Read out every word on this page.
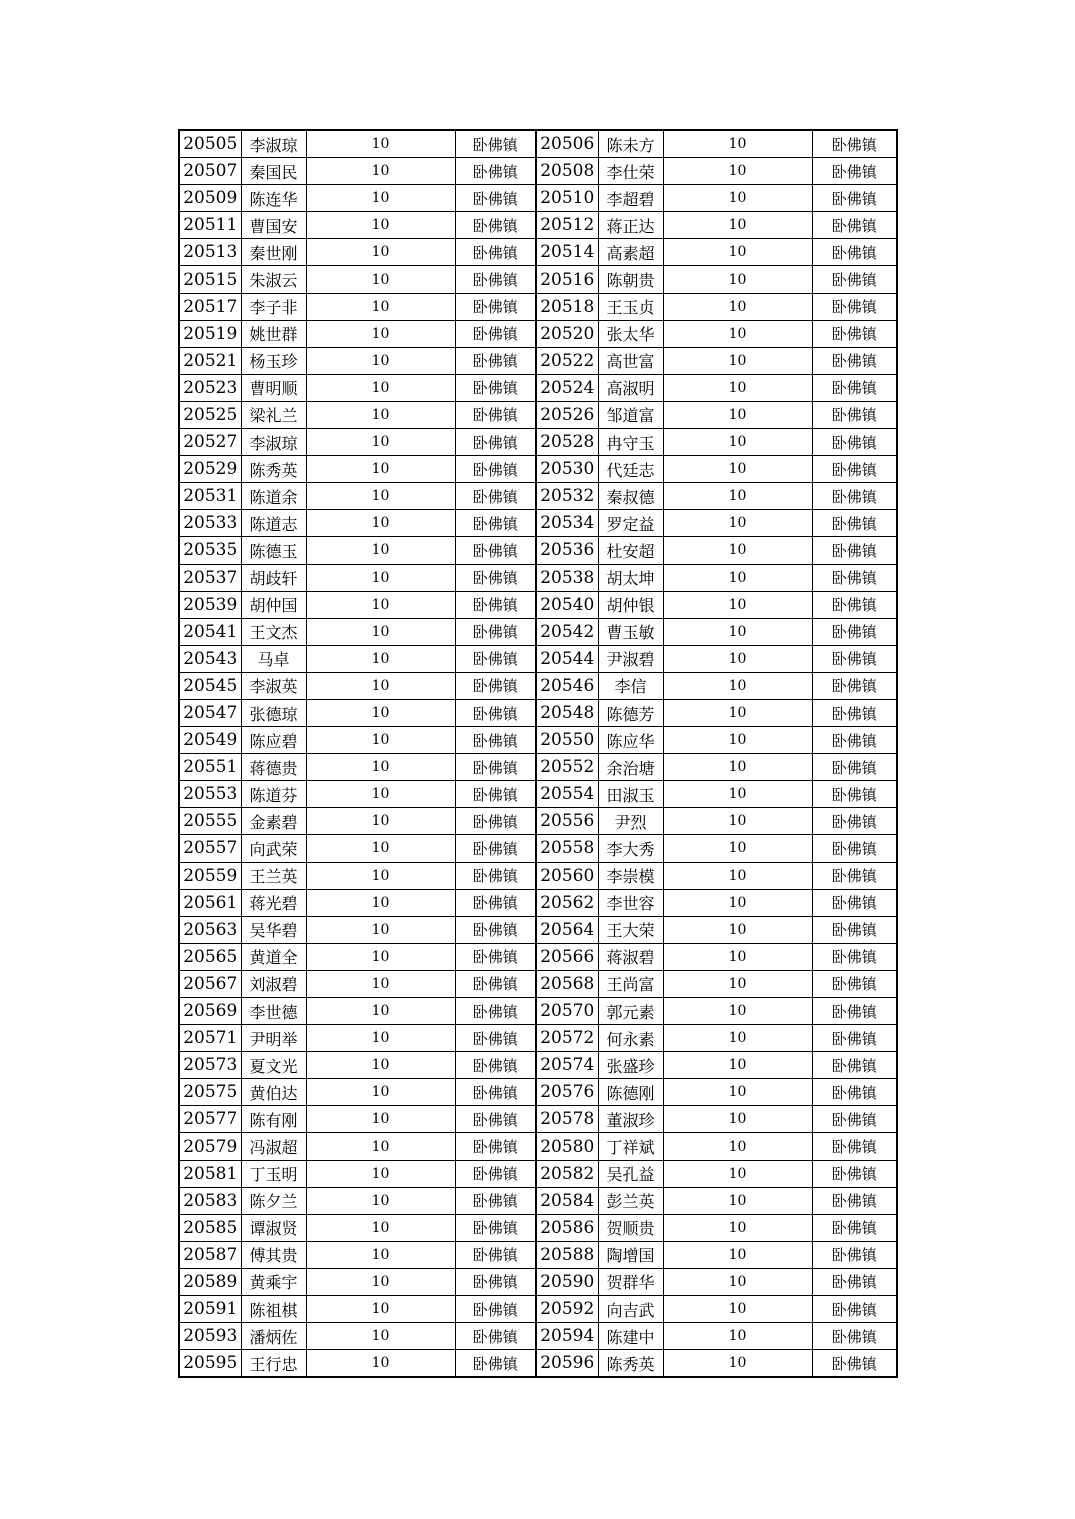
20505	李淑琼	10	卧佛镇	20506	陈未方	10	卧佛镇
20507	秦国民	10	卧佛镇	20508	李仕荣	10	卧佛镇
20509	陈连华	10	卧佛镇	20510	李超碧	10	卧佛镇
20511	曹国安	10	卧佛镇	20512	蒋正达	10	卧佛镇
20513	秦世刚	10	卧佛镇	20514	高素超	10	卧佛镇
20515	朱淑云	10	卧佛镇	20516	陈朝贵	10	卧佛镇
20517	李子非	10	卧佛镇	20518	王玉贞	10	卧佛镇
20519	姚世群	10	卧佛镇	20520	张太华	10	卧佛镇
20521	杨玉珍	10	卧佛镇	20522	高世富	10	卧佛镇
20523	曹明顺	10	卧佛镇	20524	高淑明	10	卧佛镇
20525	梁礼兰	10	卧佛镇	20526	邹道富	10	卧佛镇
20527	李淑琼	10	卧佛镇	20528	冉守玉	10	卧佛镇
20529	陈秀英	10	卧佛镇	20530	代廷志	10	卧佛镇
20531	陈道余	10	卧佛镇	20532	秦叔德	10	卧佛镇
20533	陈道志	10	卧佛镇	20534	罗定益	10	卧佛镇
20535	陈德玉	10	卧佛镇	20536	杜安超	10	卧佛镇
20537	胡歧轩	10	卧佛镇	20538	胡太坤	10	卧佛镇
20539	胡仲国	10	卧佛镇	20540	胡仲银	10	卧佛镇
20541	王文杰	10	卧佛镇	20542	曹玉敏	10	卧佛镇
20543	马卓	10	卧佛镇	20544	尹淑碧	10	卧佛镇
20545	李淑英	10	卧佛镇	20546	李信	10	卧佛镇
20547	张德琼	10	卧佛镇	20548	陈德芳	10	卧佛镇
20549	陈应碧	10	卧佛镇	20550	陈应华	10	卧佛镇
20551	蒋德贵	10	卧佛镇	20552	余治塘	10	卧佛镇
20553	陈道芬	10	卧佛镇	20554	田淑玉	10	卧佛镇
20555	金素碧	10	卧佛镇	20556	尹烈	10	卧佛镇
20557	向武荣	10	卧佛镇	20558	李大秀	10	卧佛镇
20559	王兰英	10	卧佛镇	20560	李崇模	10	卧佛镇
20561	蒋光碧	10	卧佛镇	20562	李世容	10	卧佛镇
20563	吴华碧	10	卧佛镇	20564	王大荣	10	卧佛镇
20565	黄道全	10	卧佛镇	20566	蒋淑碧	10	卧佛镇
20567	刘淑碧	10	卧佛镇	20568	王尚富	10	卧佛镇
20569	李世德	10	卧佛镇	20570	郭元素	10	卧佛镇
20571	尹明举	10	卧佛镇	20572	何永素	10	卧佛镇
20573	夏文光	10	卧佛镇	20574	张盛珍	10	卧佛镇
20575	黄伯达	10	卧佛镇	20576	陈德刚	10	卧佛镇
20577	陈有刚	10	卧佛镇	20578	董淑珍	10	卧佛镇
20579	冯淑超	10	卧佛镇	20580	丁祥斌	10	卧佛镇
20581	丁玉明	10	卧佛镇	20582	吴孔益	10	卧佛镇
20583	陈夕兰	10	卧佛镇	20584	彭兰英	10	卧佛镇
20585	谭淑贤	10	卧佛镇	20586	贺顺贵	10	卧佛镇
20587	傅其贵	10	卧佛镇	20588	陶增国	10	卧佛镇
20589	黄乘宇	10	卧佛镇	20590	贺群华	10	卧佛镇
20591	陈祖棋	10	卧佛镇	20592	向吉武	10	卧佛镇
20593	潘炳佐	10	卧佛镇	20594	陈建中	10	卧佛镇
20595	王行忠	10	卧佛镇	20596	陈秀英	10	卧佛镇
